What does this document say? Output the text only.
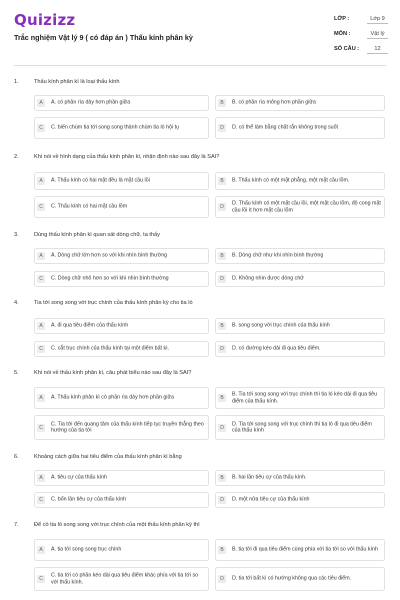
Quizizz
Trắc nghiệm Vật lý 9 ( có đáp án ) Thấu kính phân kỳ
LỚP :	Lớp 9
MÔN :	Vật lý
SỐ CÂU :	12
1.	Thấu kính phân kì là loại thấu kính
A	A. có phần rìa dày hơn phần giữa	B	B. có phần rìa mỏng hơn phần giữa
C	C. biến chùm tia tới song song thành chùm tia ló hội tụ	D	D. có thể làm bằng chất rắn không trong suốt
2.	Khi nói về hình dạng của thấu kính phân kì, nhận định nào sau đây là SAI?
A	A. Thấu kính có hai mặt đều là mặt cầu lồi	B	B. Thấu kính có một mặt phẳng, một mặt cầu lõm.
C	C. Thấu kính có hai mặt cầu lõm	D
D. Thấu kính có một mặt cầu lồi, một mặt cầu lõm, độ cong mặt cầu lồi ít hơn mặt cầu lõm
3.	Dùng thấu kính phân kì quan sát dòng chữ, ta thấy
A	A. Dòng chữ lớn hơn so với khi nhìn bình thường	B	B. Dòng chữ như khi nhìn bình thường
C	C. Dòng chữ nhỏ hơn so với khi nhìn bình thường	D	D. Không nhìn được dòng chữ
4.	Tia tới song song với trục chính của thấu kính phân kỳ cho tia ló
A	A. đi qua tiêu điểm của thấu kính	B	B. song song với trục chính của thấu kính
C	C. cắt trục chính của thấu kính tại một điểm bất kì.	D	D. có đường kéo dài đi qua tiêu điểm.
5.	Khi nói về thấu kính phân kì, câu phát biểu nào sau đây là SAI?
A	A. Thấu kính phân kì có phần rìa dày hơn phần giữa	B
B. Tia tới song song với trục chính thì tia ló kéo dài đi qua tiêu điểm của thấu kính.
C
C. Tia tới đến quang tâm của thấu kính tiếp tục truyền thẳng theo hướng của tia tới	D
D. Tia tới song song với trục chính thì tia ló đi qua tiêu điểm của thấu kính
6.	Khoảng cách giữa hai tiêu điểm của thấu kính phân kì bằng
A	A. tiêu cự của thấu kính	B	B. hai lần tiêu cự của thấu kính.
C	C. bốn lần tiêu cự của thấu kính	D	D. một nửa tiêu cự của thấu kính
7.	Để có tia ló song song với trục chính của một thấu kính phân kỳ thì
A	A. tia tới song song trục chính	B	B. tia tới đi qua tiêu điểm cùng phía với tia tới so với thấu kính
C
C. tia tới có phần kéo dài qua tiêu điểm khác phía với tia tới so với thấu kính.	D	D. tia tới bất kì có hướng không qua các tiêu điểm.
